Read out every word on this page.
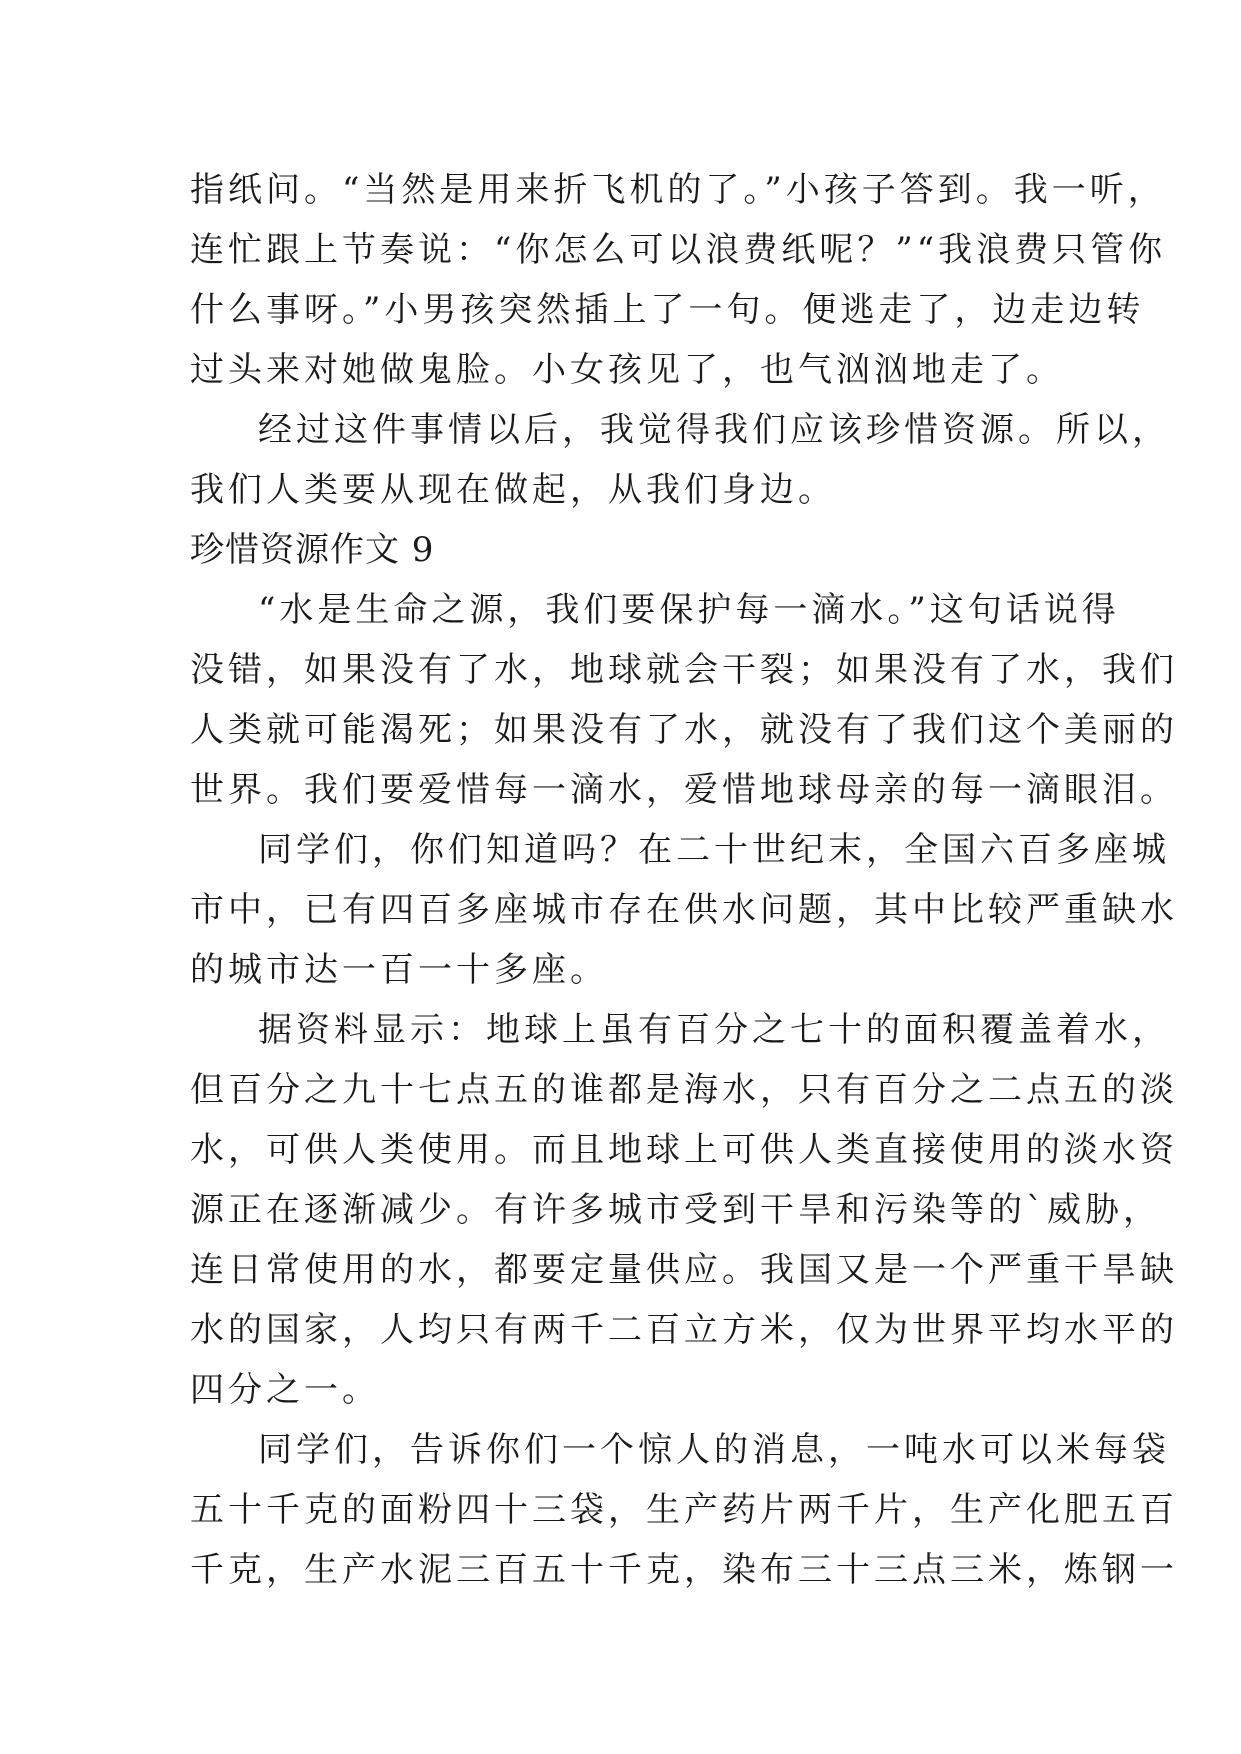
指纸问。“当然是用来折飞机的了。”小孩子答到。我一听，
连忙跟上节奏说：“你怎么可以浪费纸呢？”“我浪费只管你
什么事呀。”小男孩突然插上了一句。便逃走了，边走边转
过头来对她做鬼脸。小女孩见了，也气汹汹地走了。
经过这件事情以后，我觉得我们应该珍惜资源。所以，
我们人类要从现在做起，从我们身边。
珍惜资源作文 9
“水是生命之源，我们要保护每一滴水。”这句话说得
没错，如果没有了水，地球就会干裂；如果没有了水，我们
人类就可能渴死；如果没有了水，就没有了我们这个美丽的
世界。我们要爱惜每一滴水，爱惜地球母亲的每一滴眼泪。
同学们，你们知道吗？在二十世纪末，全国六百多座城
市中，已有四百多座城市存在供水问题，其中比较严重缺水
的城市达一百一十多座。
据资料显示：地球上虽有百分之七十的面积覆盖着水，
但百分之九十七点五的谁都是海水，只有百分之二点五的淡
水，可供人类使用。而且地球上可供人类直接使用的淡水资
源正在逐渐减少。有许多城市受到干旱和污染等的`威胁，
连日常使用的水，都要定量供应。我国又是一个严重干旱缺
水的国家，人均只有两千二百立方米，仅为世界平均水平的
四分之一。
同学们，告诉你们一个惊人的消息，一吨水可以米每袋
五十千克的面粉四十三袋，生产药片两千片，生产化肥五百
千克，生产水泥三百五十千克，染布三十三点三米，炼钢一
